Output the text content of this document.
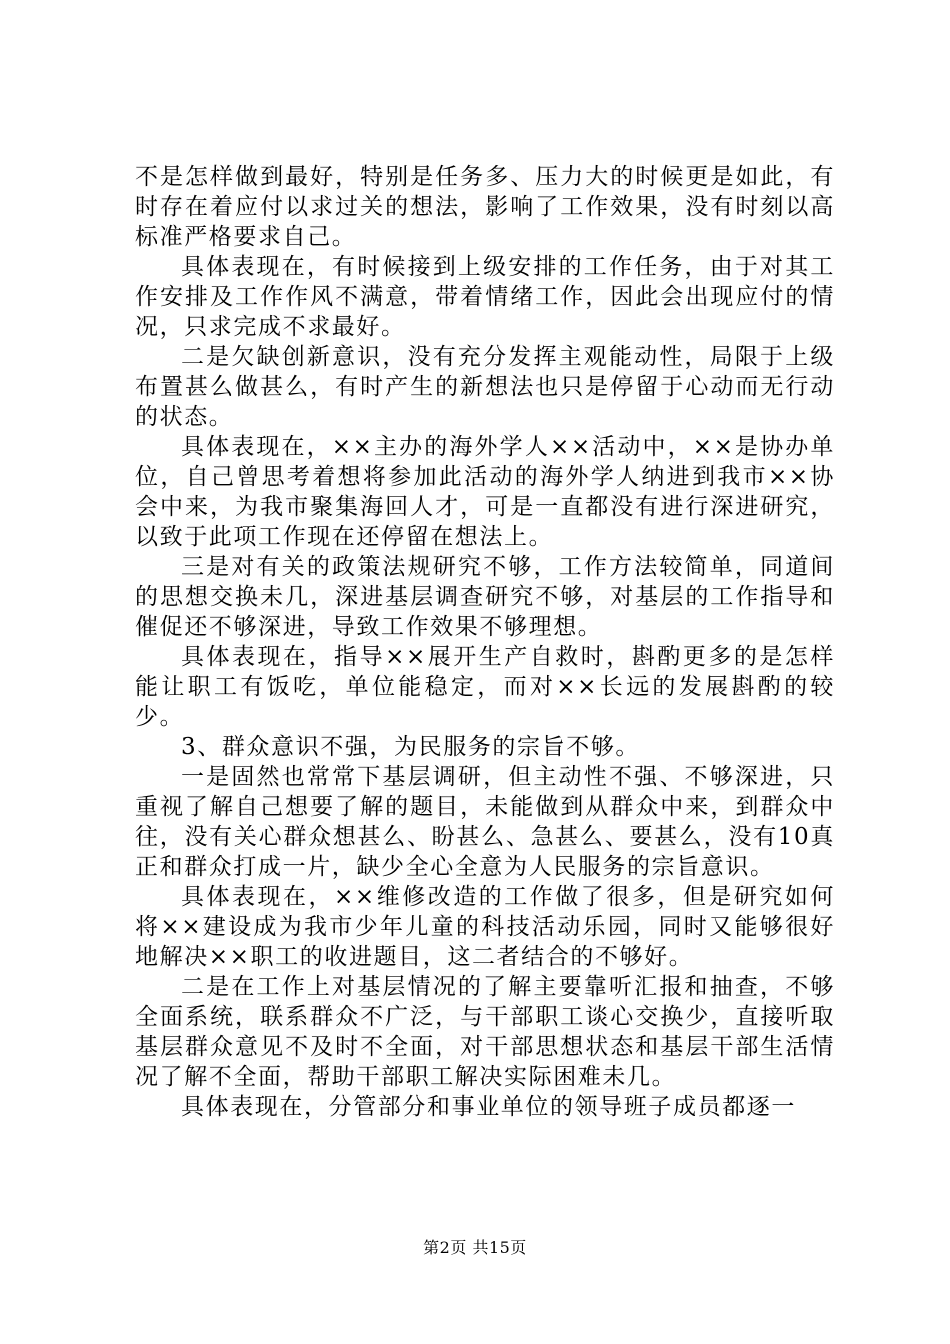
不是怎样做到最好，特别是任务多、压力大的时候更是如此，有时存在着应付以求过关的想法，影响了工作效果，没有时刻以高标准严格要求自己。

具体表现在，有时候接到上级安排的工作任务，由于对其工作安排及工作作风不满意，带着情绪工作，因此会出现应付的情况，只求完成不求最好。

二是欠缺创新意识，没有充分发挥主观能动性，局限于上级布置甚么做甚么，有时产生的新想法也只是停留于心动而无行动的状态。

具体表现在，××主办的海外学人××活动中，××是协办单位，自己曾思考着想将参加此活动的海外学人纳进到我市××协会中来，为我市聚集海回人才，可是一直都没有进行深进研究，以致于此项工作现在还停留在想法上。

三是对有关的政策法规研究不够，工作方法较简单，同道间的思想交换未几，深进基层调查研究不够，对基层的工作指导和催促还不够深进，导致工作效果不够理想。

具体表现在，指导××展开生产自救时，斟酌更多的是怎样能让职工有饭吃，单位能稳定，而对××长远的发展斟酌的较少。

3、群众意识不强，为民服务的宗旨不够。

一是固然也常常下基层调研，但主动性不强、不够深进，只重视了解自己想要了解的题目，未能做到从群众中来，到群众中往，没有关心群众想甚么、盼甚么、急甚么、要甚么，没有10真正和群众打成一片，缺少全心全意为人民服务的宗旨意识。

具体表现在，××维修改造的工作做了很多，但是研究如何将××建设成为我市少年儿童的科技活动乐园，同时又能够很好地解决××职工的收进题目，这二者结合的不够好。

二是在工作上对基层情况的了解主要靠听汇报和抽查，不够全面系统，联系群众不广泛，与干部职工谈心交换少，直接听取基层群众意见不及时不全面，对干部思想状态和基层干部生活情况了解不全面，帮助干部职工解决实际困难未几。

具体表现在，分管部分和事业单位的领导班子成员都逐一

第2页 共15页
